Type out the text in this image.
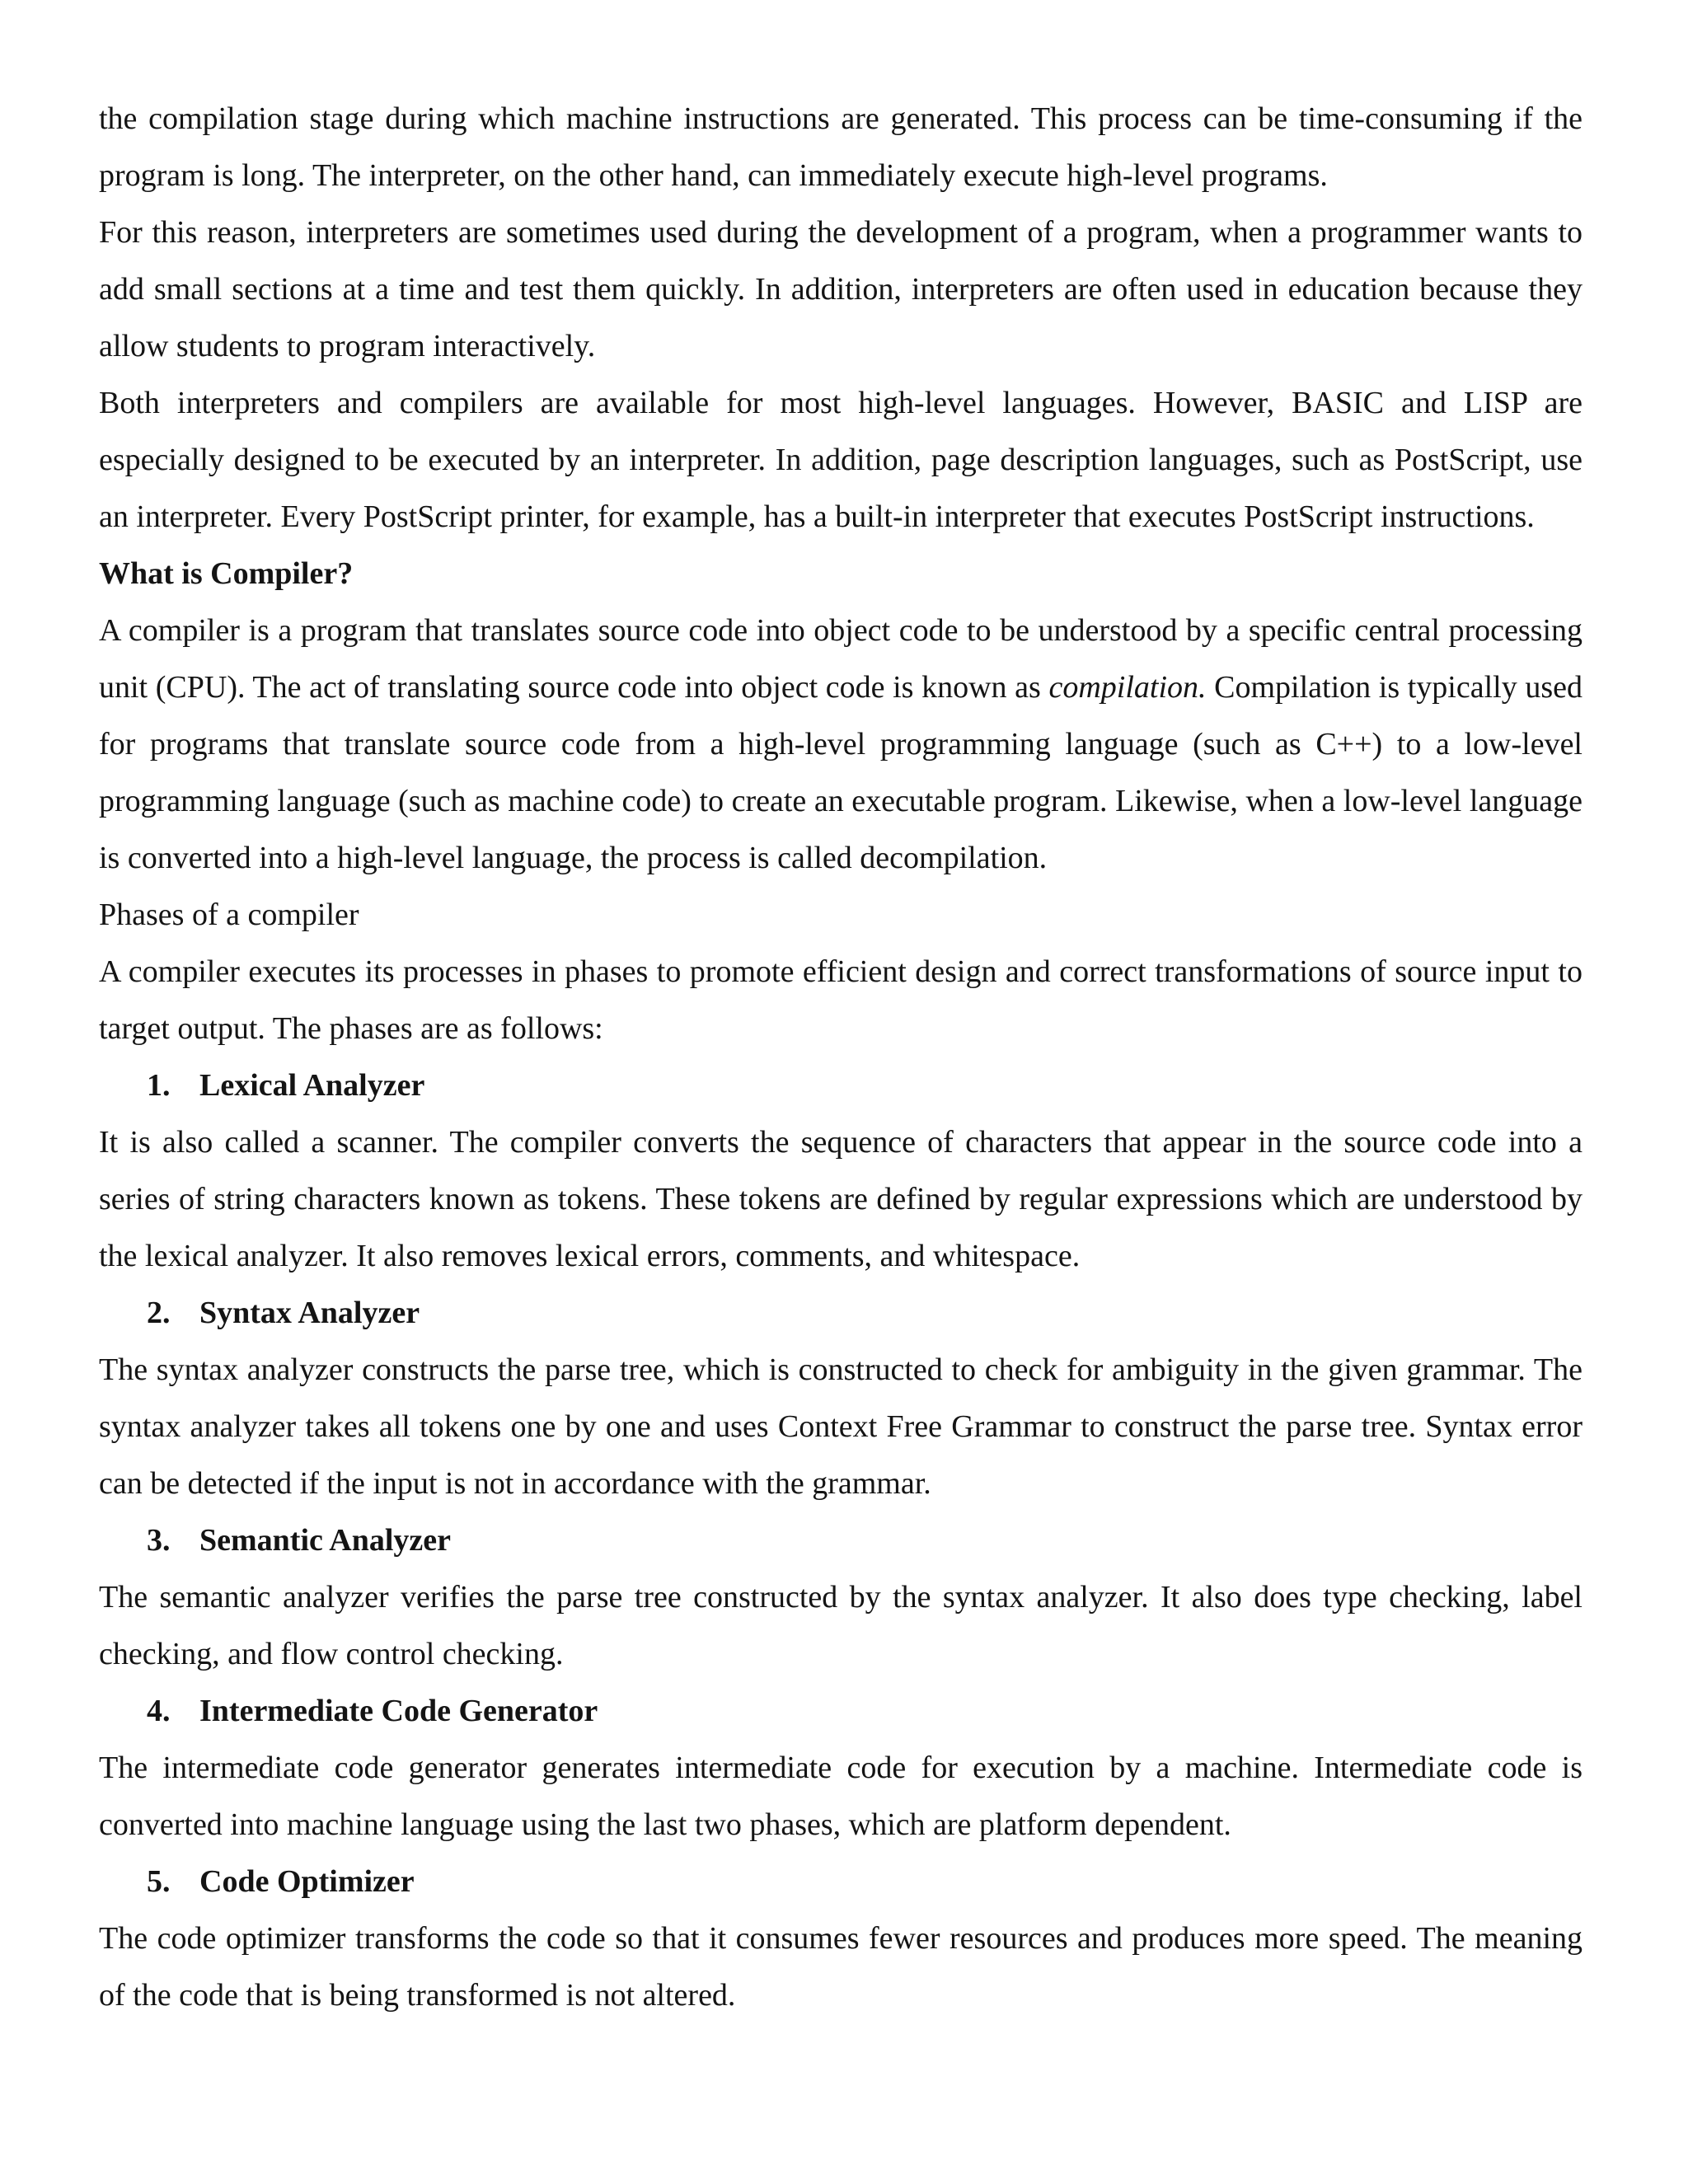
the compilation stage during which machine instructions are generated. This process can be time-consuming if the program is long. The interpreter, on the other hand, can immediately execute high-level programs.

For this reason, interpreters are sometimes used during the development of a program, when a programmer wants to add small sections at a time and test them quickly. In addition, interpreters are often used in education because they allow students to program interactively.

Both interpreters and compilers are available for most high-level languages. However, BASIC and LISP are especially designed to be executed by an interpreter. In addition, page description languages, such as PostScript, use an interpreter. Every PostScript printer, for example, has a built-in interpreter that executes PostScript instructions.

What is Compiler?

A compiler is a program that translates source code into object code to be understood by a specific central processing unit (CPU). The act of translating source code into object code is known as compilation. Compilation is typically used for programs that translate source code from a high-level programming language (such as C++) to a low-level programming language (such as machine code) to create an executable program. Likewise, when a low-level language is converted into a high-level language, the process is called decompilation.

Phases of a compiler

A compiler executes its processes in phases to promote efficient design and correct transformations of source input to target output. The phases are as follows:

1. Lexical Analyzer

It is also called a scanner. The compiler converts the sequence of characters that appear in the source code into a series of string characters known as tokens. These tokens are defined by regular expressions which are understood by the lexical analyzer. It also removes lexical errors, comments, and whitespace.

2. Syntax Analyzer

The syntax analyzer constructs the parse tree, which is constructed to check for ambiguity in the given grammar. The syntax analyzer takes all tokens one by one and uses Context Free Grammar to construct the parse tree. Syntax error can be detected if the input is not in accordance with the grammar.

3. Semantic Analyzer

The semantic analyzer verifies the parse tree constructed by the syntax analyzer. It also does type checking, label checking, and flow control checking.

4. Intermediate Code Generator

The intermediate code generator generates intermediate code for execution by a machine. Intermediate code is converted into machine language using the last two phases, which are platform dependent.

5. Code Optimizer

The code optimizer transforms the code so that it consumes fewer resources and produces more speed. The meaning of the code that is being transformed is not altered.
